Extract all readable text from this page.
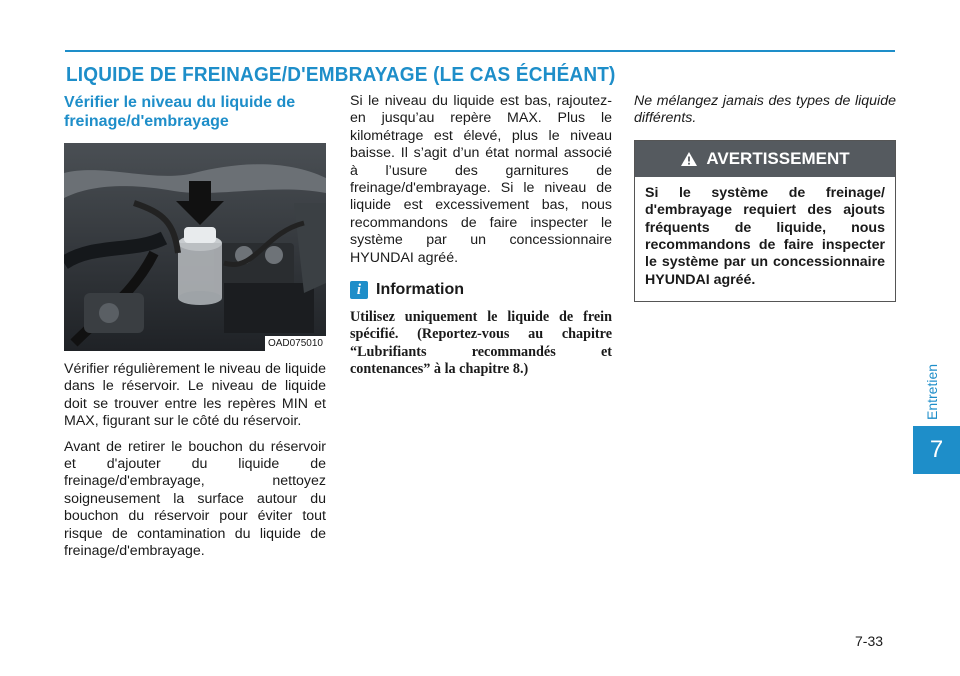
LIQUIDE DE FREINAGE/D'EMBRAYAGE (LE CAS ÉCHÉANT)
Vérifier le niveau du liquide de freinage/d'embrayage
OAD075010

Vérifier régulièrement le niveau de liquide dans le réservoir. Le niveau de liquide doit se trouver entre les repères MIN et MAX, figurant sur le côté du réservoir.

Avant de retirer le bouchon du réservoir et d'ajouter du liquide de freinage/d'embrayage, nettoyez soigneusement la surface autour du bouchon du réservoir pour éviter tout risque de contamination du liquide de freinage/d'embrayage.

Si le niveau du liquide est bas, rajoutez-en jusqu’au repère MAX. Plus le kilométrage est élevé, plus le niveau baisse. Il s’agit d’un état normal associé à l’usure des garnitures de freinage/d'embrayage. Si le niveau de liquide est excessivement bas, nous recommandons de faire inspecter le système par un concessionnaire HYUNDAI agréé.

i Information

Utilisez uniquement le liquide de frein spécifié. (Reportez-vous au chapitre “Lubrifiants recommandés et contenances” à la chapitre 8.)

Ne mélangez jamais des types de liquide différents.

AVERTISSEMENT
Si le système de freinage/ d'embrayage requiert des ajouts fréquents de liquide, nous recommandons de faire inspecter le système par un concessionnaire HYUNDAI agréé.
Entretien
7
7-33
